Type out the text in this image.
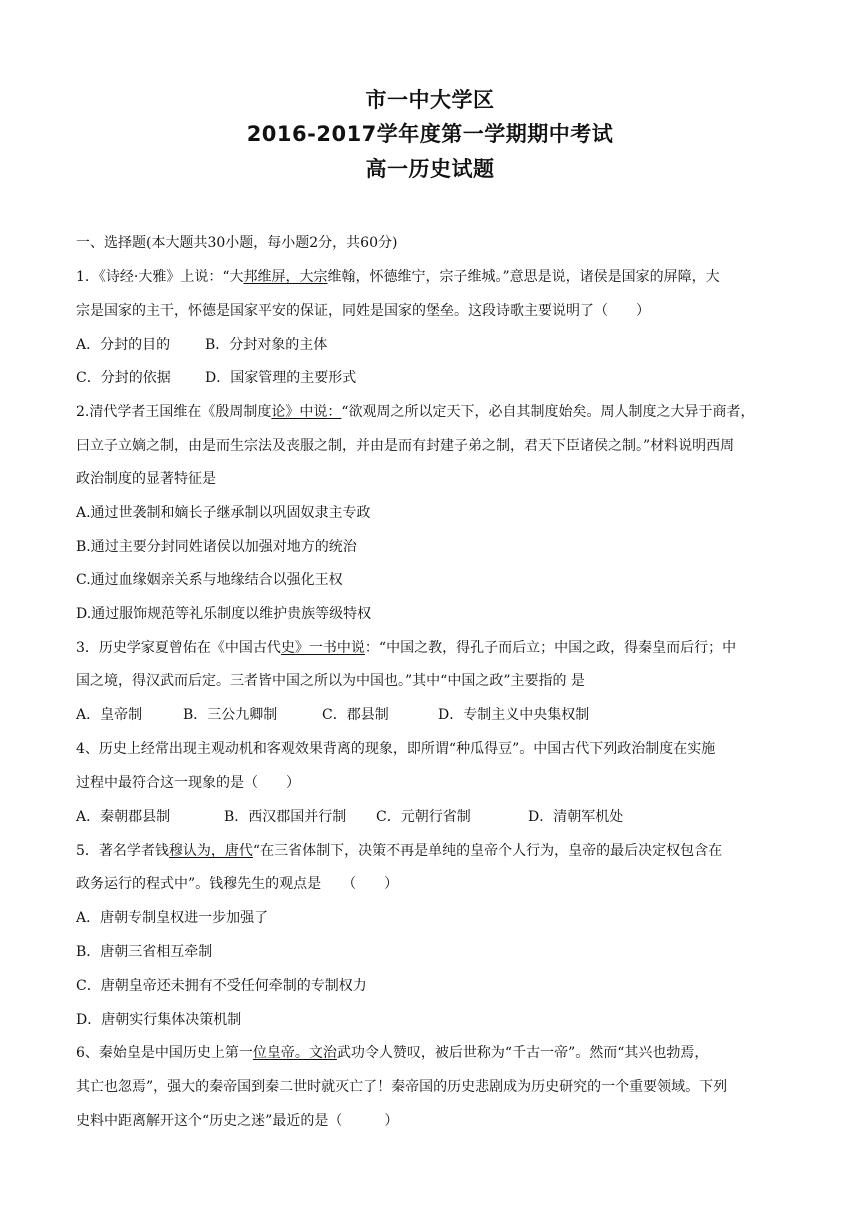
市一中大学区
2016-2017学年度第一学期期中考试
高一历史试题
一、选择题(本大题共30小题，每小题2分，共60分)
1．《诗经·大雅》上说：“大邦维屏，大宗维翰，怀德维宁，宗子维城。”意思是说，诸侯是国家的屏障，大
宗是国家的主干，怀德是国家平安的保证，同姓是国家的堡垒。这段诗歌主要说明了（　　）
A．分封的目的 B．分封对象的主体
C．分封的依据 D．国家管理的主要形式
2.清代学者王国维在《殷周制度论》中说：“欲观周之所以定天下，必自其制度始矣。周人制度之大异于商者，
曰立子立嫡之制，由是而生宗法及丧服之制，并由是而有封建子弟之制，君天下臣诸侯之制。”材料说明西周
政治制度的显著特征是
A.通过世袭制和嫡长子继承制以巩固奴隶主专政
B.通过主要分封同姓诸侯以加强对地方的统治
C.通过血缘姻亲关系与地缘结合以强化王权
D.通过服饰规范等礼乐制度以维护贵族等级特权
3．历史学家夏曾佑在《中国古代史》一书中说：“中国之教，得孔子而后立；中国之政，得秦皇而后行；中
国之境，得汉武而后定。三者皆中国之所以为中国也。”其中“中国之政”主要指的 是
A．皇帝制	B．三公九卿制	C．郡县制	D．专制主义中央集权制
4、历史上经常出现主观动机和客观效果背离的现象，即所谓“种瓜得豆”。中国古代下列政治制度在实施
过程中最符合这一现象的是（　　）
A．秦朝郡县制	B．西汉郡国并行制 C．元朝行省制	D．清朝军机处
5．著名学者钱穆认为，唐代“在三省体制下，决策不再是单纯的皇帝个人行为，皇帝的最后决定权包含在
政务运行的程式中”。钱穆先生的观点是　　（　　）
A．唐朝专制皇权进一步加强了
B．唐朝三省相互牵制
C．唐朝皇帝还未拥有不受任何牵制的专制权力
D．唐朝实行集体决策机制
6、秦始皇是中国历史上第一位皇帝。文治武功令人赞叹，被后世称为“千古一帝”。然而“其兴也勃焉，
其亡也忽焉”，强大的秦帝国到秦二世时就灭亡了！秦帝国的历史悲剧成为历史研究的一个重要领域。下列
史料中距离解开这个“历史之迷”最近的是（　　　）
